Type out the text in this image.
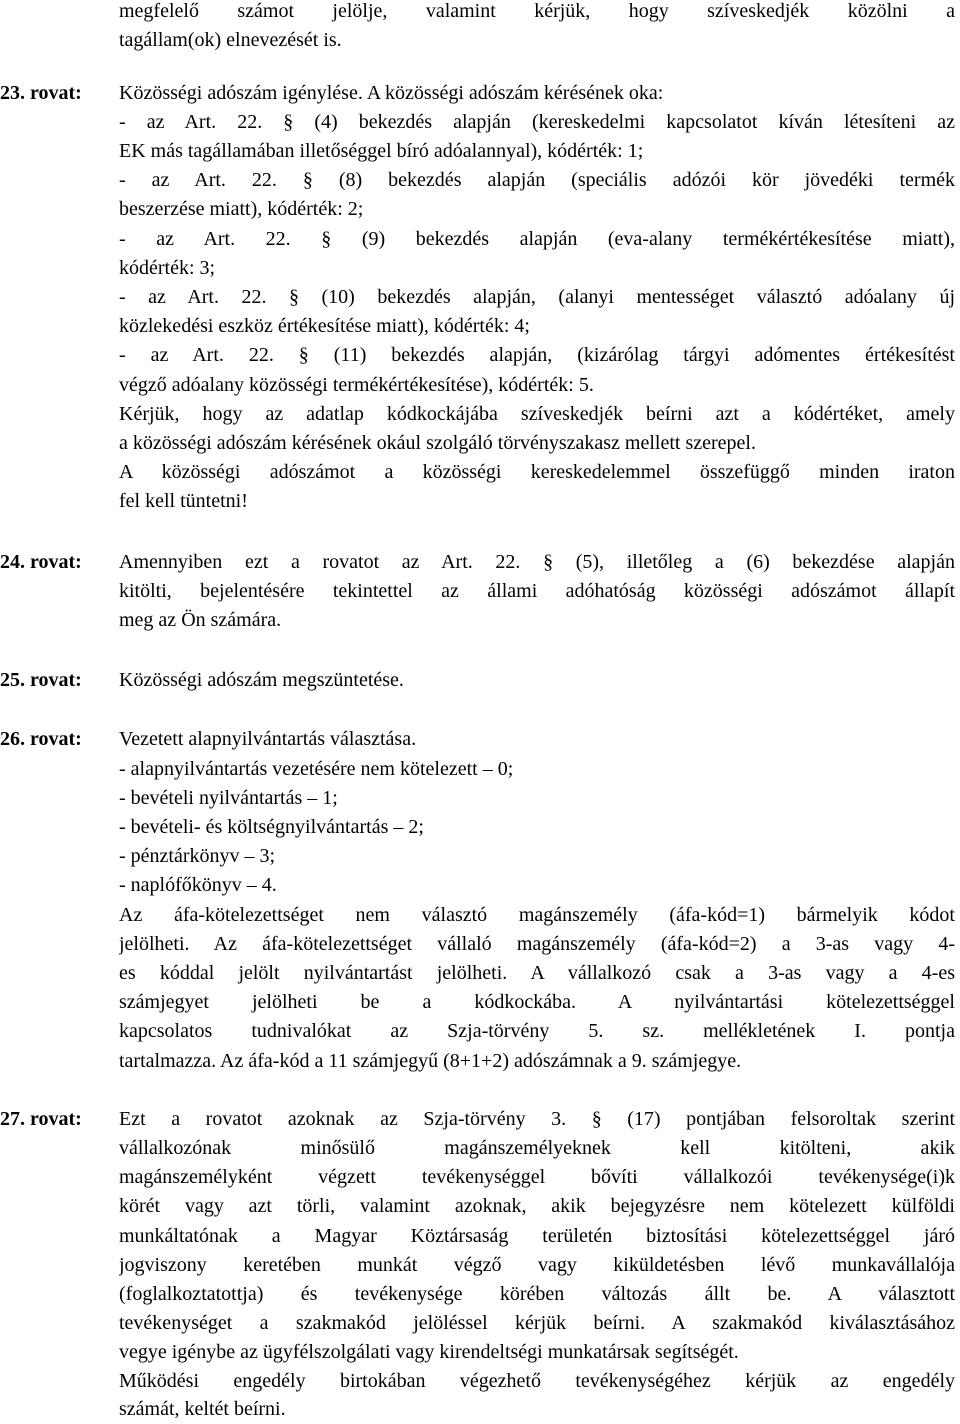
megfelelő számot jelölje, valamint kérjük, hogy szíveskedjék közölni a
tagállam(ok) elnevezését is.
23. rovat: Közösségi adószám igénylése. A közösségi adószám kérésének oka:
- az Art. 22. § (4) bekezdés alapján (kereskedelmi kapcsolatot kíván létesíteni az
EK más tagállamában illetőséggel bíró adóalannyal), kódérték: 1;
- az Art. 22. § (8) bekezdés alapján (speciális adózói kör jövedéki termék
beszerzése miatt), kódérték: 2;
- az Art. 22. § (9) bekezdés alapján (eva-alany termékértékesítése miatt),
kódérték: 3;
- az Art. 22. § (10) bekezdés alapján, (alanyi mentességet választó adóalany új
közlekedési eszköz értékesítése miatt), kódérték: 4;
- az Art. 22. § (11) bekezdés alapján, (kizárólag tárgyi adómentes értékesítést
végző adóalany közösségi termékértékesítése), kódérték: 5.
Kérjük, hogy az adatlap kódkockájába szíveskedjék beírni azt a kódértéket, amely
a közösségi adószám kérésének okául szolgáló törvényszakasz mellett szerepel.
A közösségi adószámot a közösségi kereskedelemmel összefüggő minden iraton
fel kell tüntetni!
24. rovat: Amennyiben ezt a rovatot az Art. 22. § (5), illetőleg a (6) bekezdése alapján
kitölti, bejelentésére tekintettel az állami adóhatóság közösségi adószámot állapít
meg az Ön számára.
25. rovat: Közösségi adószám megszüntetése.
26. rovat: Vezetett alapnyilvántartás választása.
- alapnyilvántartás vezetésére nem kötelezett – 0;
- bevételi nyilvántartás – 1;
- bevételi- és költségnyilvántartás – 2;
- pénztárkönyv – 3;
- naplófőkönyv – 4.
Az áfa-kötelezettséget nem választó magánszemély (áfa-kód=1) bármelyik kódot
jelölheti. Az áfa-kötelezettséget vállaló magánszemély (áfa-kód=2) a 3-as vagy 4-
es kóddal jelölt nyilvántartást jelölheti. A vállalkozó csak a 3-as vagy a 4-es
számjegyet jelölheti be a kódkockába. A nyilvántartási kötelezettséggel
kapcsolatos tudnivalókat az Szja-törvény 5. sz. mellékletének I. pontja
tartalmazza. Az áfa-kód a 11 számjegyű (8+1+2) adószámnak a 9. számjegye.
27. rovat: Ezt a rovatot azoknak az Szja-törvény 3. § (17) pontjában felsoroltak szerint
vállalkozónak minősülő magánszemélyeknek kell kitölteni, akik
magánszemélyként végzett tevékenységgel bővíti vállalkozói tevékenysége(i)k
körét vagy azt törli, valamint azoknak, akik bejegyzésre nem kötelezett külföldi
munkáltatónak a Magyar Köztársaság területén biztosítási kötelezettséggel járó
jogviszony keretében munkát végző vagy kiküldetésben lévő munkavállalója
(foglalkoztatottja) és tevékenysége körében változás állt be. A választott
tevékenységet a szakmakód jelöléssel kérjük beírni. A szakmakód kiválasztásához
vegye igénybe az ügyfélszolgálati vagy kirendeltségi munkatársak segítségét.
Működési engedély birtokában végezhető tevékenységéhez kérjük az engedély
számát, keltét beírni.
